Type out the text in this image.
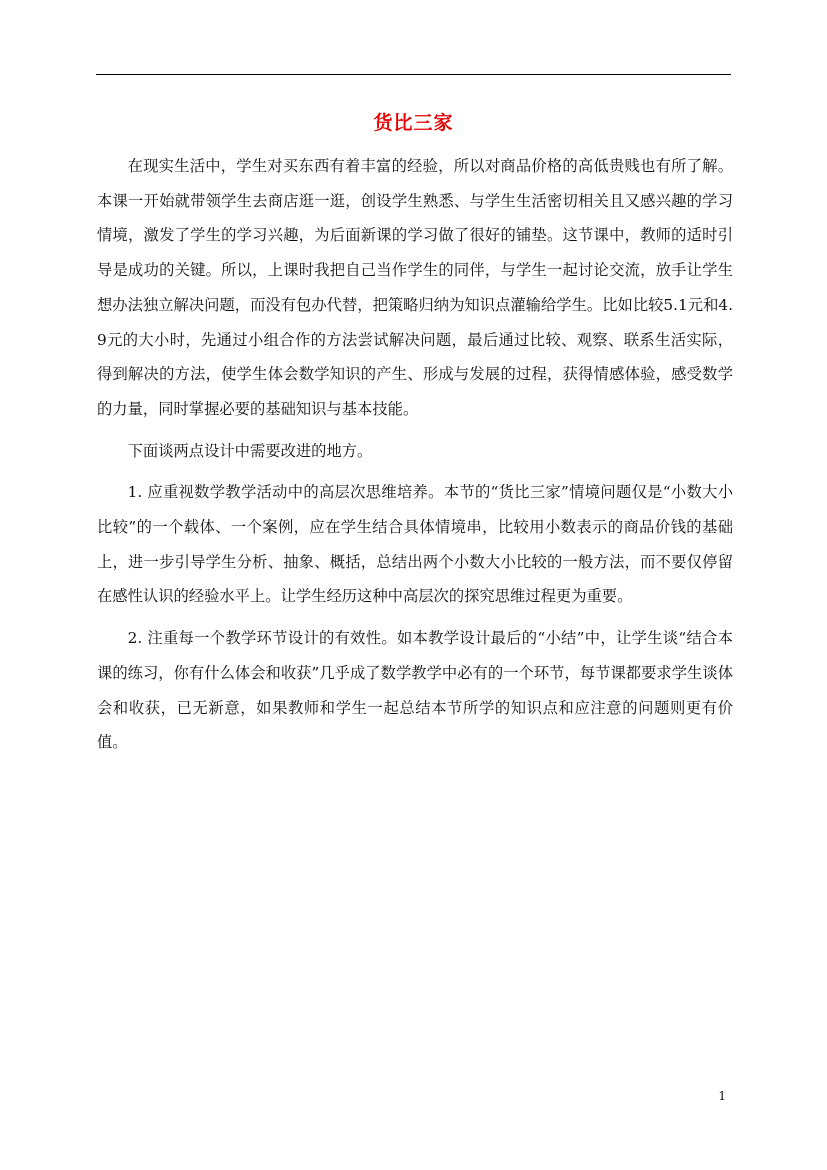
货比三家

在现实生活中，学生对买东西有着丰富的经验，所以对商品价格的高低贵贱也有所了解。本课一开始就带领学生去商店逛一逛，创设学生熟悉、与学生生活密切相关且又感兴趣的学习情境，激发了学生的学习兴趣，为后面新课的学习做了很好的铺垫。这节课中，教师的适时引导是成功的关键。所以，上课时我把自己当作学生的同伴，与学生一起讨论交流，放手让学生想办法独立解决问题，而没有包办代替，把策略归纳为知识点灌输给学生。比如比较5.1元和4.9元的大小时，先通过小组合作的方法尝试解决问题，最后通过比较、观察、联系生活实际，得到解决的方法，使学生体会数学知识的产生、形成与发展的过程，获得情感体验，感受数学的力量，同时掌握必要的基础知识与基本技能。

下面谈两点设计中需要改进的地方。

1. 应重视数学教学活动中的高层次思维培养。本节的“货比三家”情境问题仅是“小数大小比较”的一个载体、一个案例，应在学生结合具体情境串，比较用小数表示的商品价钱的基础上，进一步引导学生分析、抽象、概括，总结出两个小数大小比较的一般方法，而不要仅停留在感性认识的经验水平上。让学生经历这种中高层次的探究思维过程更为重要。

2. 注重每一个教学环节设计的有效性。如本教学设计最后的“小结”中，让学生谈“结合本课的练习，你有什么体会和收获”几乎成了数学教学中必有的一个环节，每节课都要求学生谈体会和收获，已无新意，如果教师和学生一起总结本节所学的知识点和应注意的问题则更有价值。

1
